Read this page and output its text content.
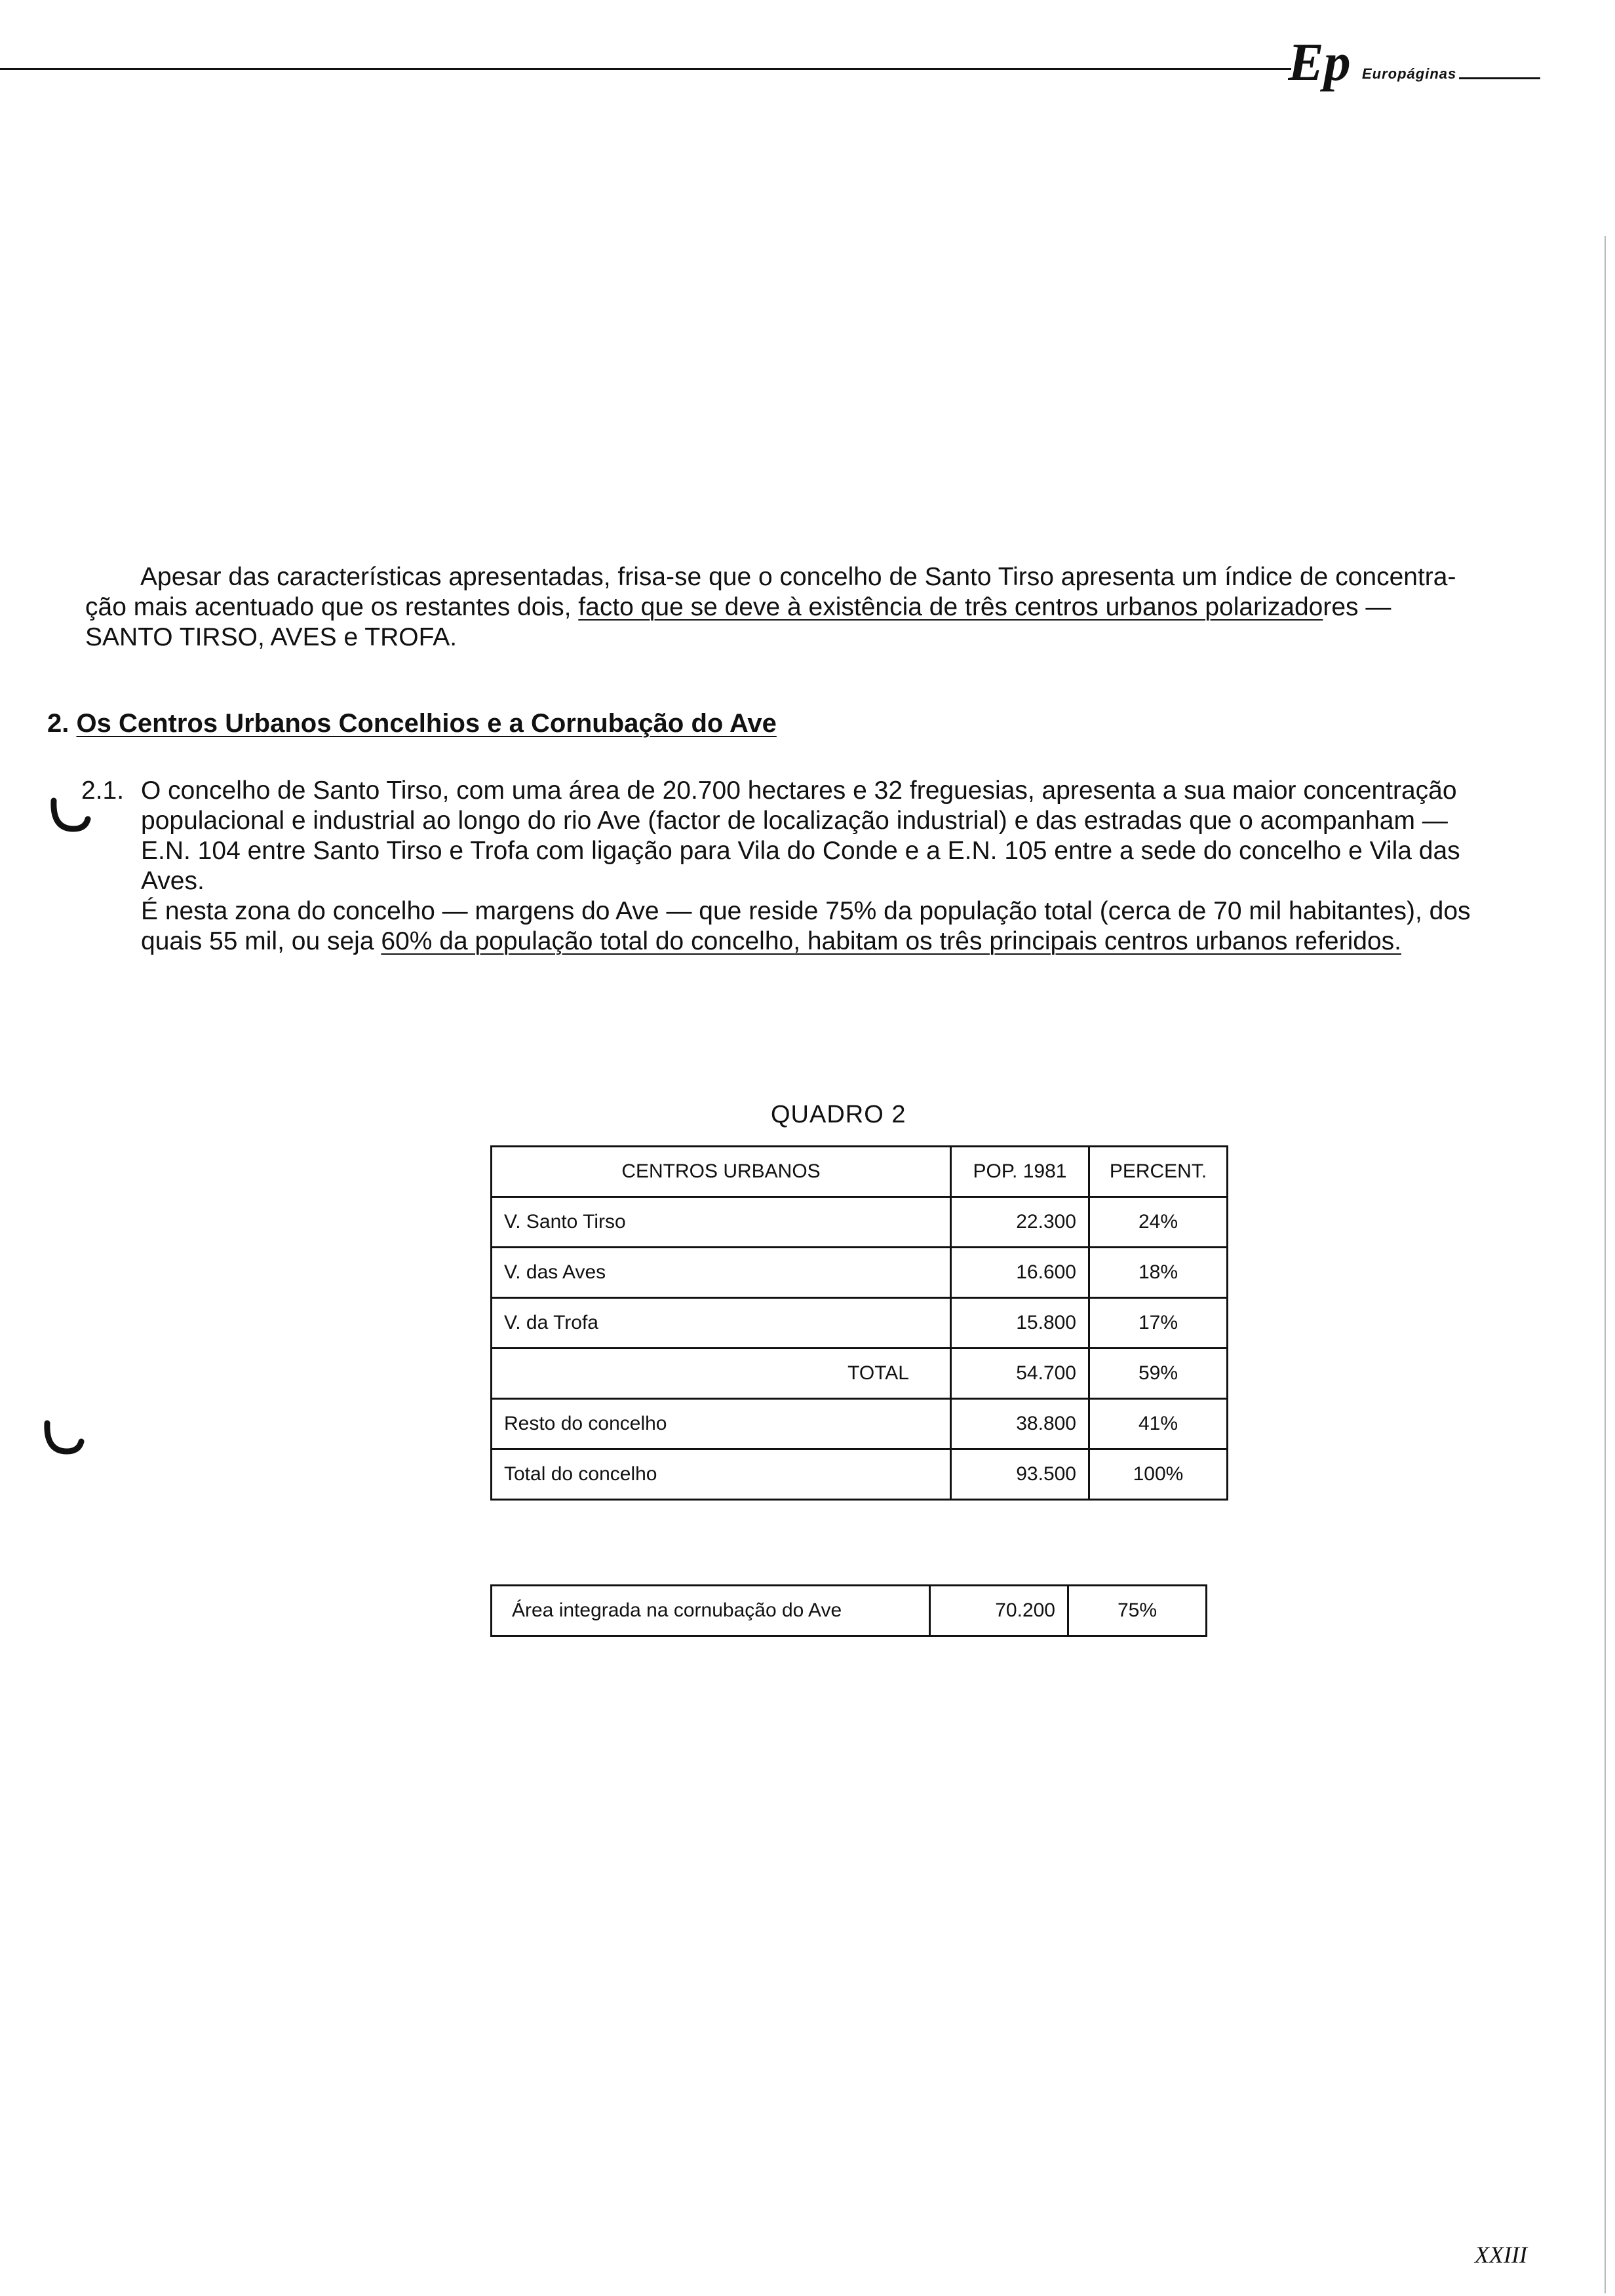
Ep Europáginas
Apesar das características apresentadas, frisa-se que o concelho de Santo Tirso apresenta um índice de concentra-
ção mais acentuado que os restantes dois, facto que se deve à existência de três centros urbanos polarizadores —
SANTO TIRSO, AVES e TROFA.
2. Os Centros Urbanos Concelhios e a Cornubação do Ave
2.1. O concelho de Santo Tirso, com uma área de 20.700 hectares e 32 freguesias, apresenta a sua maior concentração
populacional e industrial ao longo do rio Ave (factor de localização industrial) e das estradas que o acompanham —
E.N. 104 entre Santo Tirso e Trofa com ligação para Vila do Conde e a E.N. 105 entre a sede do concelho e Vila das
Aves.
É nesta zona do concelho — margens do Ave — que reside 75% da população total (cerca de 70 mil habitantes), dos
quais 55 mil, ou seja 60% da população total do concelho, habitam os três principais centros urbanos referidos.
QUADRO 2
CENTROS URBANOS	POP. 1981	PERCENT.
V. Santo Tirso	22.300	24%
V. das Aves	16.600	18%
V. da Trofa	15.800	17%
TOTAL	54.700	59%
Resto do concelho	38.800	41%
Total do concelho	93.500	100%
Área integrada na cornubação do Ave	70.200	75%
XXIII
